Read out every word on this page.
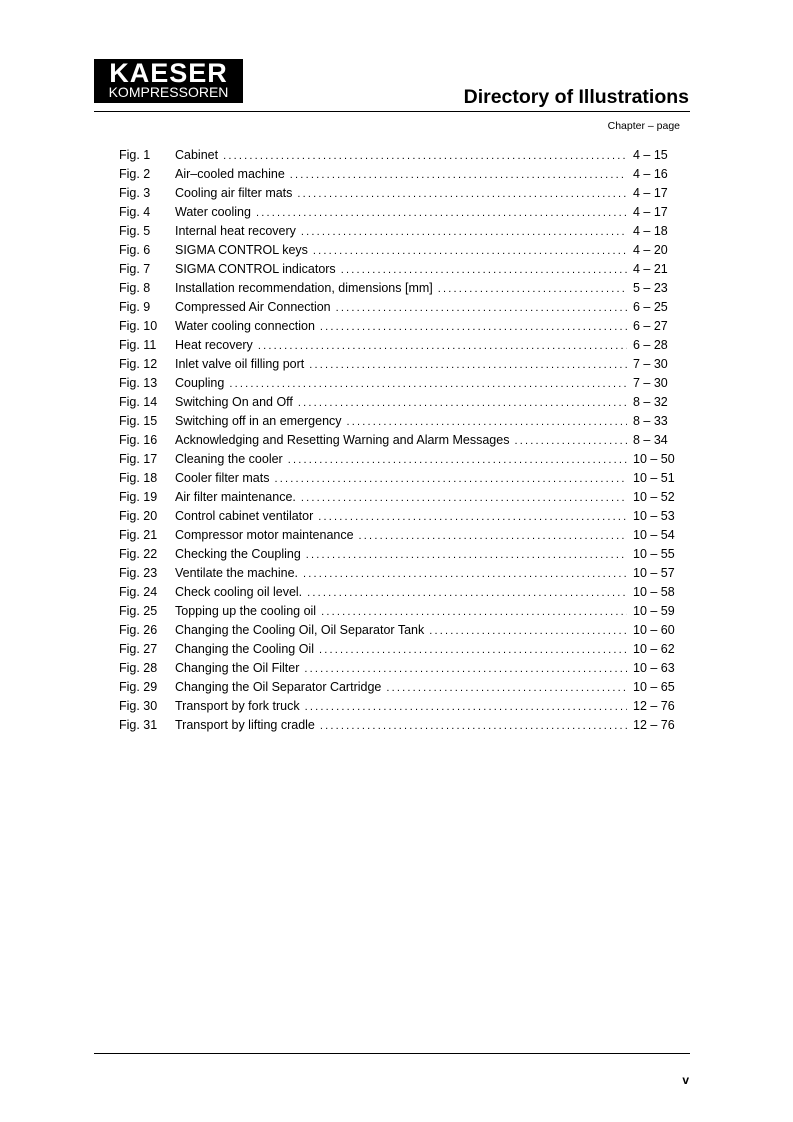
KAESER
KOMPRESSOREN	Directory of Illustrations
Chapter – page
Fig. 1	Cabinet .....	4 – 15
Fig. 2	Air–cooled machine .....	4 – 16
Fig. 3	Cooling air filter mats .....	4 – 17
Fig. 4	Water cooling .....	4 – 17
Fig. 5	Internal heat recovery .....	4 – 18
Fig. 6	SIGMA CONTROL keys .....	4 – 20
Fig. 7	SIGMA CONTROL indicators .....	4 – 21
Fig. 8	Installation recommendation, dimensions [mm] .....	5 – 23
Fig. 9	Compressed Air Connection .....	6 – 25
Fig. 10	Water cooling connection .....	6 – 27
Fig. 11	Heat recovery .....	6 – 28
Fig. 12	Inlet valve oil filling port .....	7 – 30
Fig. 13	Coupling .....	7 – 30
Fig. 14	Switching On and Off .....	8 – 32
Fig. 15	Switching off in an emergency .....	8 – 33
Fig. 16	Acknowledging and Resetting Warning and Alarm Messages .....	8 – 34
Fig. 17	Cleaning the cooler .....	10 – 50
Fig. 18	Cooler filter mats .....	10 – 51
Fig. 19	Air filter maintenance. .....	10 – 52
Fig. 20	Control cabinet ventilator .....	10 – 53
Fig. 21	Compressor motor maintenance .....	10 – 54
Fig. 22	Checking the Coupling .....	10 – 55
Fig. 23	Ventilate the machine. .....	10 – 57
Fig. 24	Check cooling oil level. .....	10 – 58
Fig. 25	Topping up the cooling oil .....	10 – 59
Fig. 26	Changing the Cooling Oil, Oil Separator Tank .....	10 – 60
Fig. 27	Changing the Cooling Oil .....	10 – 62
Fig. 28	Changing the Oil Filter .....	10 – 63
Fig. 29	Changing the Oil Separator Cartridge .....	10 – 65
Fig. 30	Transport by fork truck .....	12 – 76
Fig. 31	Transport by lifting cradle .....	12 – 76
v
